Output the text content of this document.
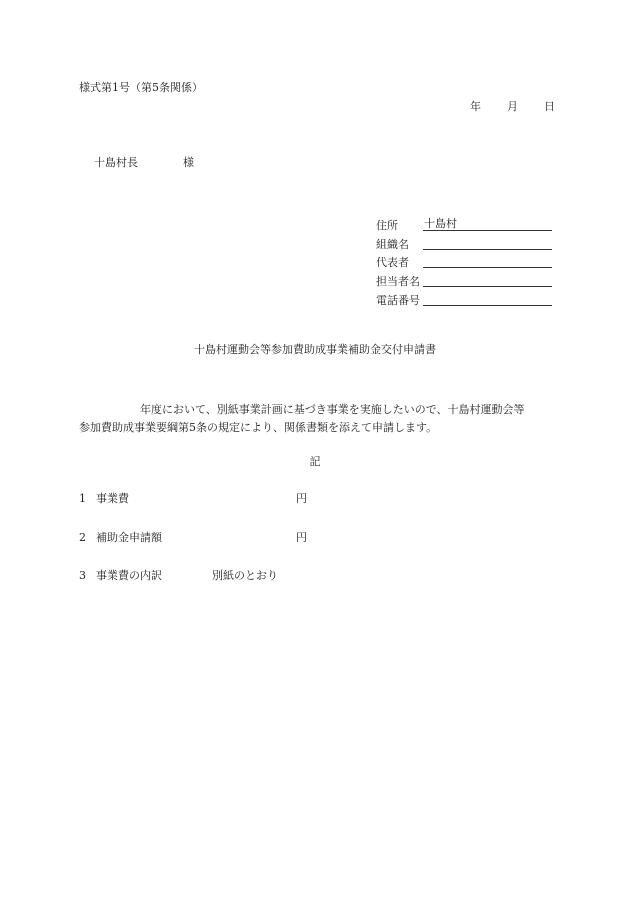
様式第1号（第5条関係）
年 月 日
十島村長	様
住所	十島村
組織名
代表者
担当者名
電話番号
十島村運動会等参加費助成事業補助金交付申請書
年度において、別紙事業計画に基づき事業を実施したいので、十島村運動会等
参加費助成事業要綱第5条の規定により、関係書類を添えて申請します。
記
1 事業費	円
2 補助金申請額	円
3 事業費の内訳	別紙のとおり
